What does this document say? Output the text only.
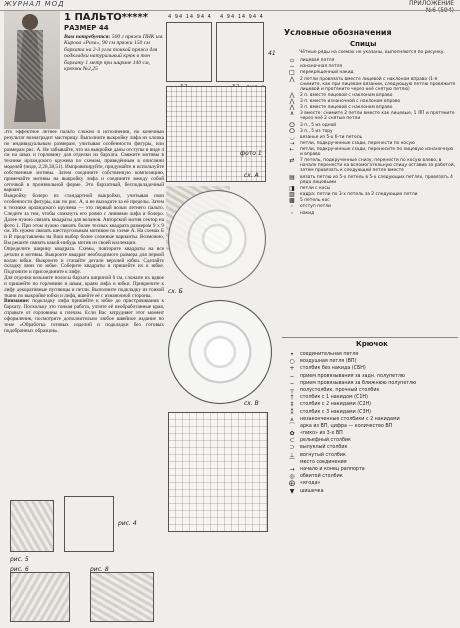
ЖУРНАЛ МОД	ПРИЛОЖЕНИЕ
1 ПАЛЬТО*****
РАЗМЕР 44
Вам потребуется: 500 г пряжи ПНК им. Кирова «Роза», 90 см пряжи 150 см бархата на 2-3 угла тонкой пряжи для подкладки натуральный крюк в тон бархату 1 метр при ширине 140 см, крючки №2,25

Это эффектное летнее пальто сложно в исполнении, но конечный результат вознаградит мастерицу. Выполните выкройку лифа из хлопка по индивидуальным размерам, учитывая особенности фигуры, или размерам рис. А. Не забывайте, что на выкройке даны отступы в виде 4 см на швах и горловину для отделки из бархата. Свяжите мотивы в технике ирландского кружева по схемам, приведённым в описании моделей (ниде, 2,28,38,51). Импровизируйте, придумайте и используйте собственные мотивы. Затем соедините собственную композицию, примечайте мотивы на выкройку лифа и соедините между собой сеточкой в произвольной форме. Это бархатный, бесподкладочный вариант.

Выкройку болеро из стандартной выкройки, учитывая свои особенности фигуры, как по рис. А, и не выходите за её пределы. Затем в технике ирландского кружева — это первый возьм летнего пальто. Следите за тем, чтобы сомкнуть его ровно с линиями лифа и болеро. Далее нужно связать квадраты для воланов. Авторский мотив сектор на фото 1. При этом нужно связать более тесных квадрата размером 9 х 9 см. Их нужно связать шестиугольным мотивом по схеме А. На схемах Б и В представлены на Ваш выбор более сложные варианты. Возможно, Вы решите связать какой-нибудь мотив из своей коллекции.

Определите ширину квадрата. Схемы, повторите квадраты на все детали и мотивы. Выкроите квадрат необходимого размера для первой волан юбки. Выкроите и стачайте детали верхней юбки. Сделайте складку вниз по юбке. Соберите квадраты и пришейте их к юбке. Подгоните и присоедините к лифу.

Для отделки возьмите полосы бархата шириной 6 см, сложите их вдвое и пришейте по горловине и швам, краям лифа и юбки. Прикрепите к лифу декоративные пуговицы и петли. Выполните подкладку из тонкой ткани по выкройке юбки и лифа, вшейте её с изнаночной стороны.

Внимание: подкладку лифа пришейте к юбке до пристрачивания к бархату. Поскольку это тонкая работа, учтите её необработанные края, справьте от горловины к плечам. Если Вас затрудняет этот момент оформления, посмотрите дополнительно любое швейное издание по теме «Обработка готовых изделий и подкладки без готовых подобранных образцов».

4 94 14 94 4 4 94 14 94 4
41
сх. А
фото 1
сх. Б
сх. В
рис. 5
рис. 4
рис. 6	рис. 8
Условные обозначения
Спицы
Чётные ряды на схемах не указаны, выполняются по рисунку.
▫	лицевая петля
−	изнаночная петля
□	перекрещенный накид
⋀	2 петли провязать вместе лицевой с наклоном вправо (1-я снимите, как при лицевом вязании, следующую петлю провяжите лицевой и протяните через неё снятую петлю)
⋀	2 п. вместе лицевой с наклоном вправо
⋀	3 п. вместе изнаночной с наклоном вправо
⋀	3 п. вместе лицевой с наклоном вправо
∧	3 вместе: снимите 2 петли вместе как лицевые, 1 ЛП и протяните через неё 2 снятые петли
Ѻ	3 п., 5 из одной
Ѻ	3 п., 5 из тору
◡	вязанье из 5-х б-ти петель
⇢	петли, подкрученные сзади, перенести по косую
⇠	петли, подкрученные сзади, перенесите по лицевую изнаночную и вправо
⇄	7 петель, подкрученные снизу, перенести по косую влево, в начале перенести на вспомогательную спицу оставив за работой, затем провязать к следующей петле вместе
▤	вязать петлю из 5-х петель в 5-х следующих петлях, провязать 4 ряда лицевыми
◨	петли с косы
▨	кадра: петли по 3-х петель за 2 следующих петли
▩	5 петель кос
◦	отступ петли
◦	накид
Крючок
•	соединительная петля
○	воздушная петля (ВП)
+	столбик без накида (СБН)
⌢	прием провязывания за задн. полупетлю
⌣	прием провязывания за ближнюю полупетлю
┬	полустолбик, прочный столбик
†	столбик с 1 накидом (С1Н)
‡	столбик с 2 накидами (С2Н)
⁑	столбик с 3 накидами (С3Н)
⩚	незаконченные столбики с 2 накидами
⌒	арка из ВП, цифра — количество ВП
✿	«пико» из 3-х ВП
⊂	рельефный столбик
⊃	выпуклый столбик
⊥	вогнутый столбик
⁀	место соединения
→	начало и конец раппорта
◎	обвитой столбик
⨁	«ягода»
▼	шишечка
